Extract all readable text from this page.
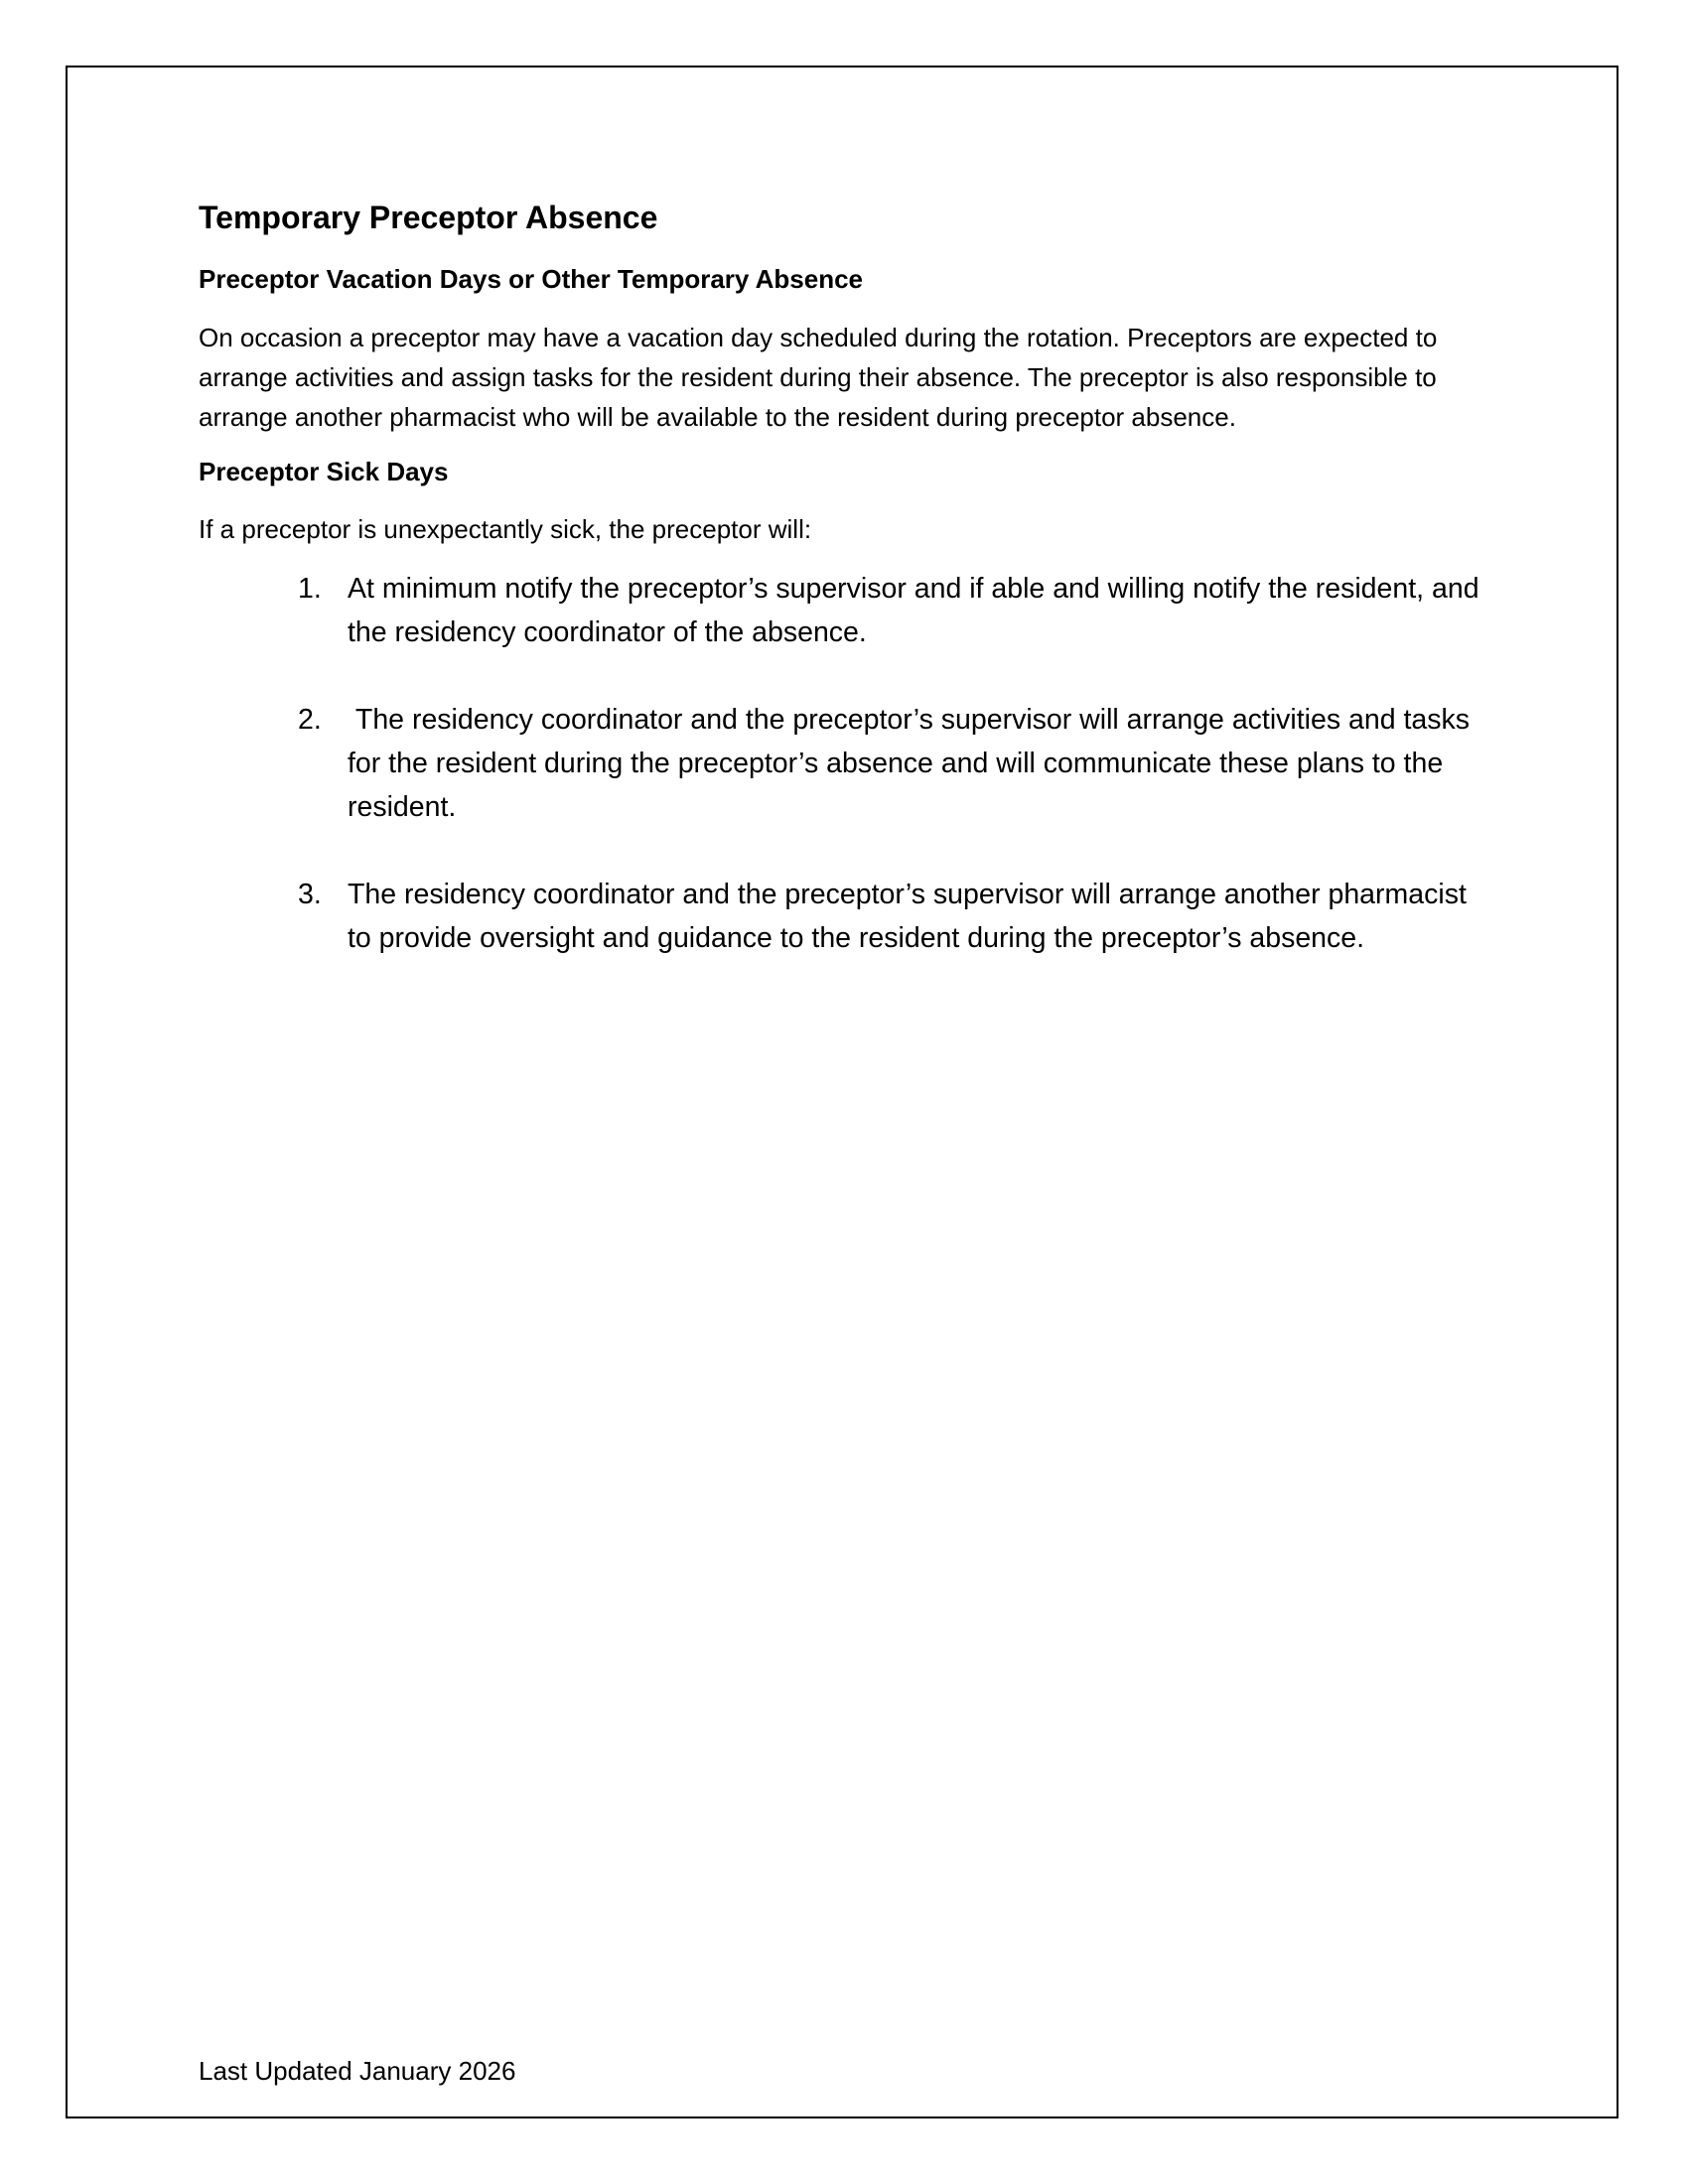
Temporary Preceptor Absence
Preceptor Vacation Days or Other Temporary Absence

On occasion a preceptor may have a vacation day scheduled during the rotation. Preceptors are expected to arrange activities and assign tasks for the resident during their absence. The preceptor is also responsible to arrange another pharmacist who will be available to the resident during preceptor absence.

Preceptor Sick Days

If a preceptor is unexpectantly sick, the preceptor will:

1. At minimum notify the preceptor’s supervisor and if able and willing notify the resident, and the residency coordinator of the absence.
2. The residency coordinator and the preceptor’s supervisor will arrange activities and tasks for the resident during the preceptor’s absence and will communicate these plans to the resident.
3. The residency coordinator and the preceptor’s supervisor will arrange another pharmacist to provide oversight and guidance to the resident during the preceptor’s absence.
Last Updated January 2026
